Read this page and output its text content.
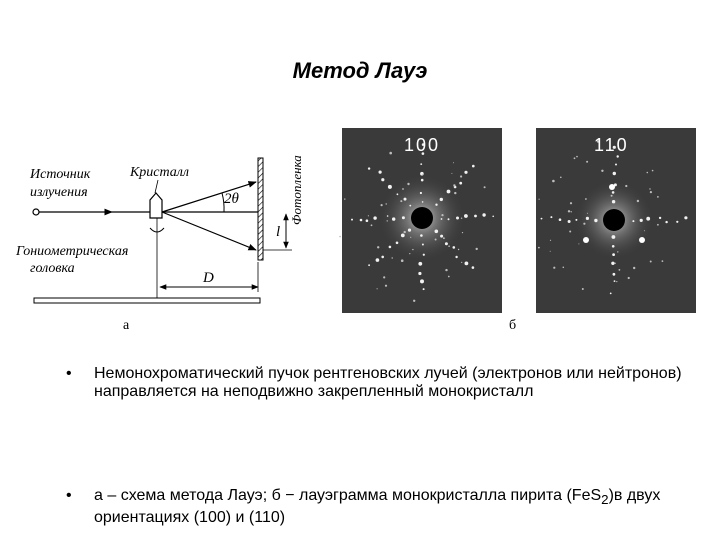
Метод Лауэ
2θ
l
Фотопленка
D
Источник
излучения
Кристалл
Гониометрическая
головка
100	110
а	б
• Немонохроматический пучок рентгеновских лучей (электронов или нейтронов) направляется на неподвижно закрепленный монокристалл
• а – схема метода Лауэ; б − лауэграмма монокристалла пирита (FeS$_2$)в двух ориентациях (100) и (110)
